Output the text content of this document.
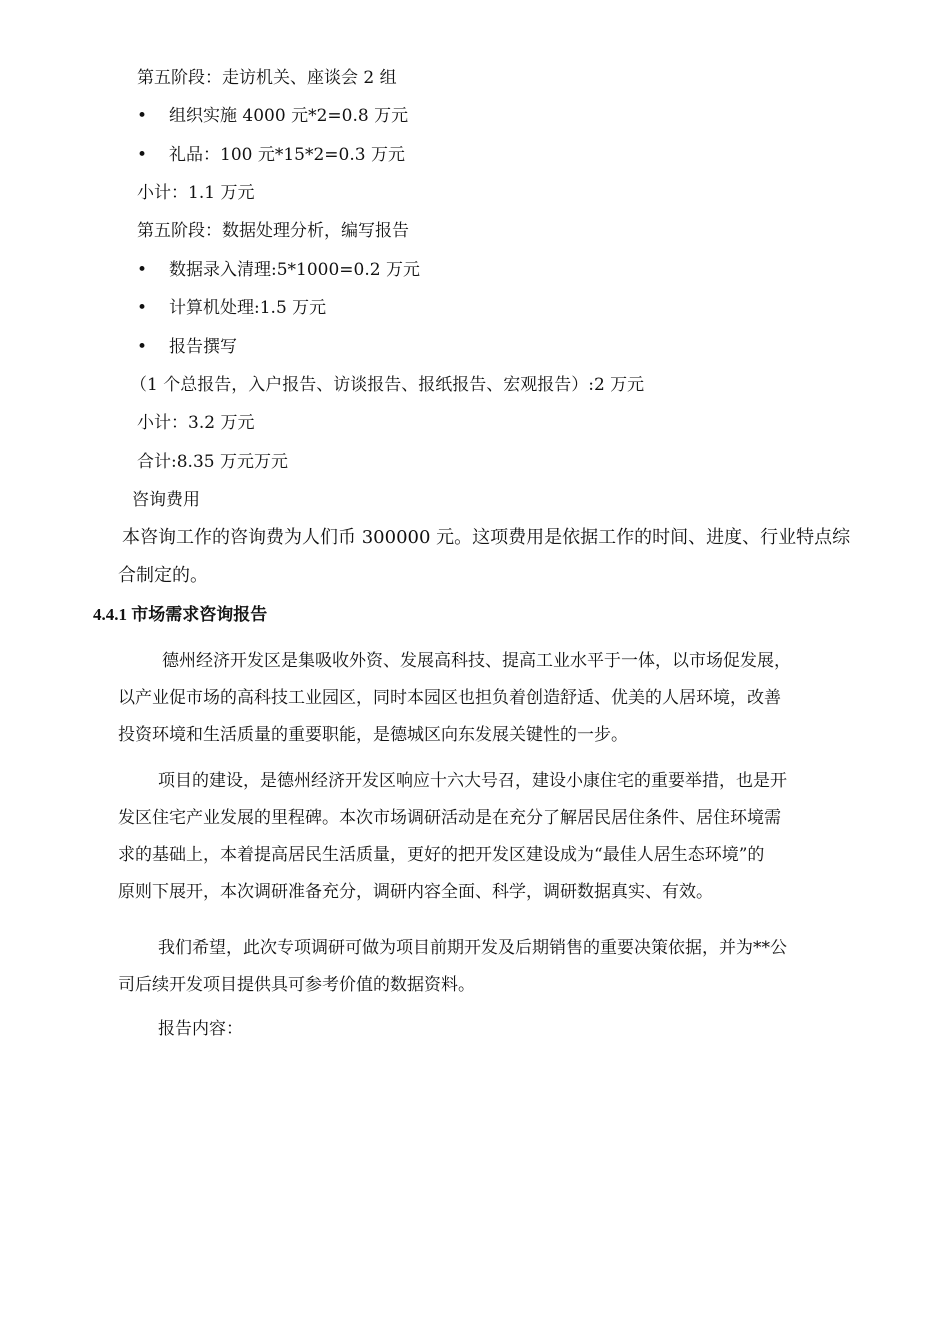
第五阶段：走访机关、座谈会 2 组
•	组织实施 4000 元*2=0.8 万元
•	礼品：100 元*15*2=0.3 万元
小计：1.1 万元
第五阶段：数据处理分析，编写报告
•	数据录入清理:5*1000=0.2 万元
•	计算机处理:1.5 万元
•	报告撰写
（1 个总报告，入户报告、访谈报告、报纸报告、宏观报告）:2 万元
小计：3.2 万元
合计:8.35 万元万元
咨询费用
本咨询工作的咨询费为人们币 300000 元。这项费用是依据工作的时间、进度、行业特点综
合制定的。
4.4.1 市场需求咨询报告
德州经济开发区是集吸收外资、发展高科技、提高工业水平于一体，以市场促发展，
以产业促市场的高科技工业园区，同时本园区也担负着创造舒适、优美的人居环境，改善
投资环境和生活质量的重要职能，是德城区向东发展关键性的一步。
项目的建设，是德州经济开发区响应十六大号召，建设小康住宅的重要举措，也是开
发区住宅产业发展的里程碑。本次市场调研活动是在充分了解居民居住条件、居住环境需
求的基础上，本着提高居民生活质量，更好的把开发区建设成为“最佳人居生态环境”的
原则下展开，本次调研准备充分，调研内容全面、科学，调研数据真实、有效。
我们希望，此次专项调研可做为项目前期开发及后期销售的重要决策依据，并为**公
司后续开发项目提供具可参考价值的数据资料。
报告内容：
